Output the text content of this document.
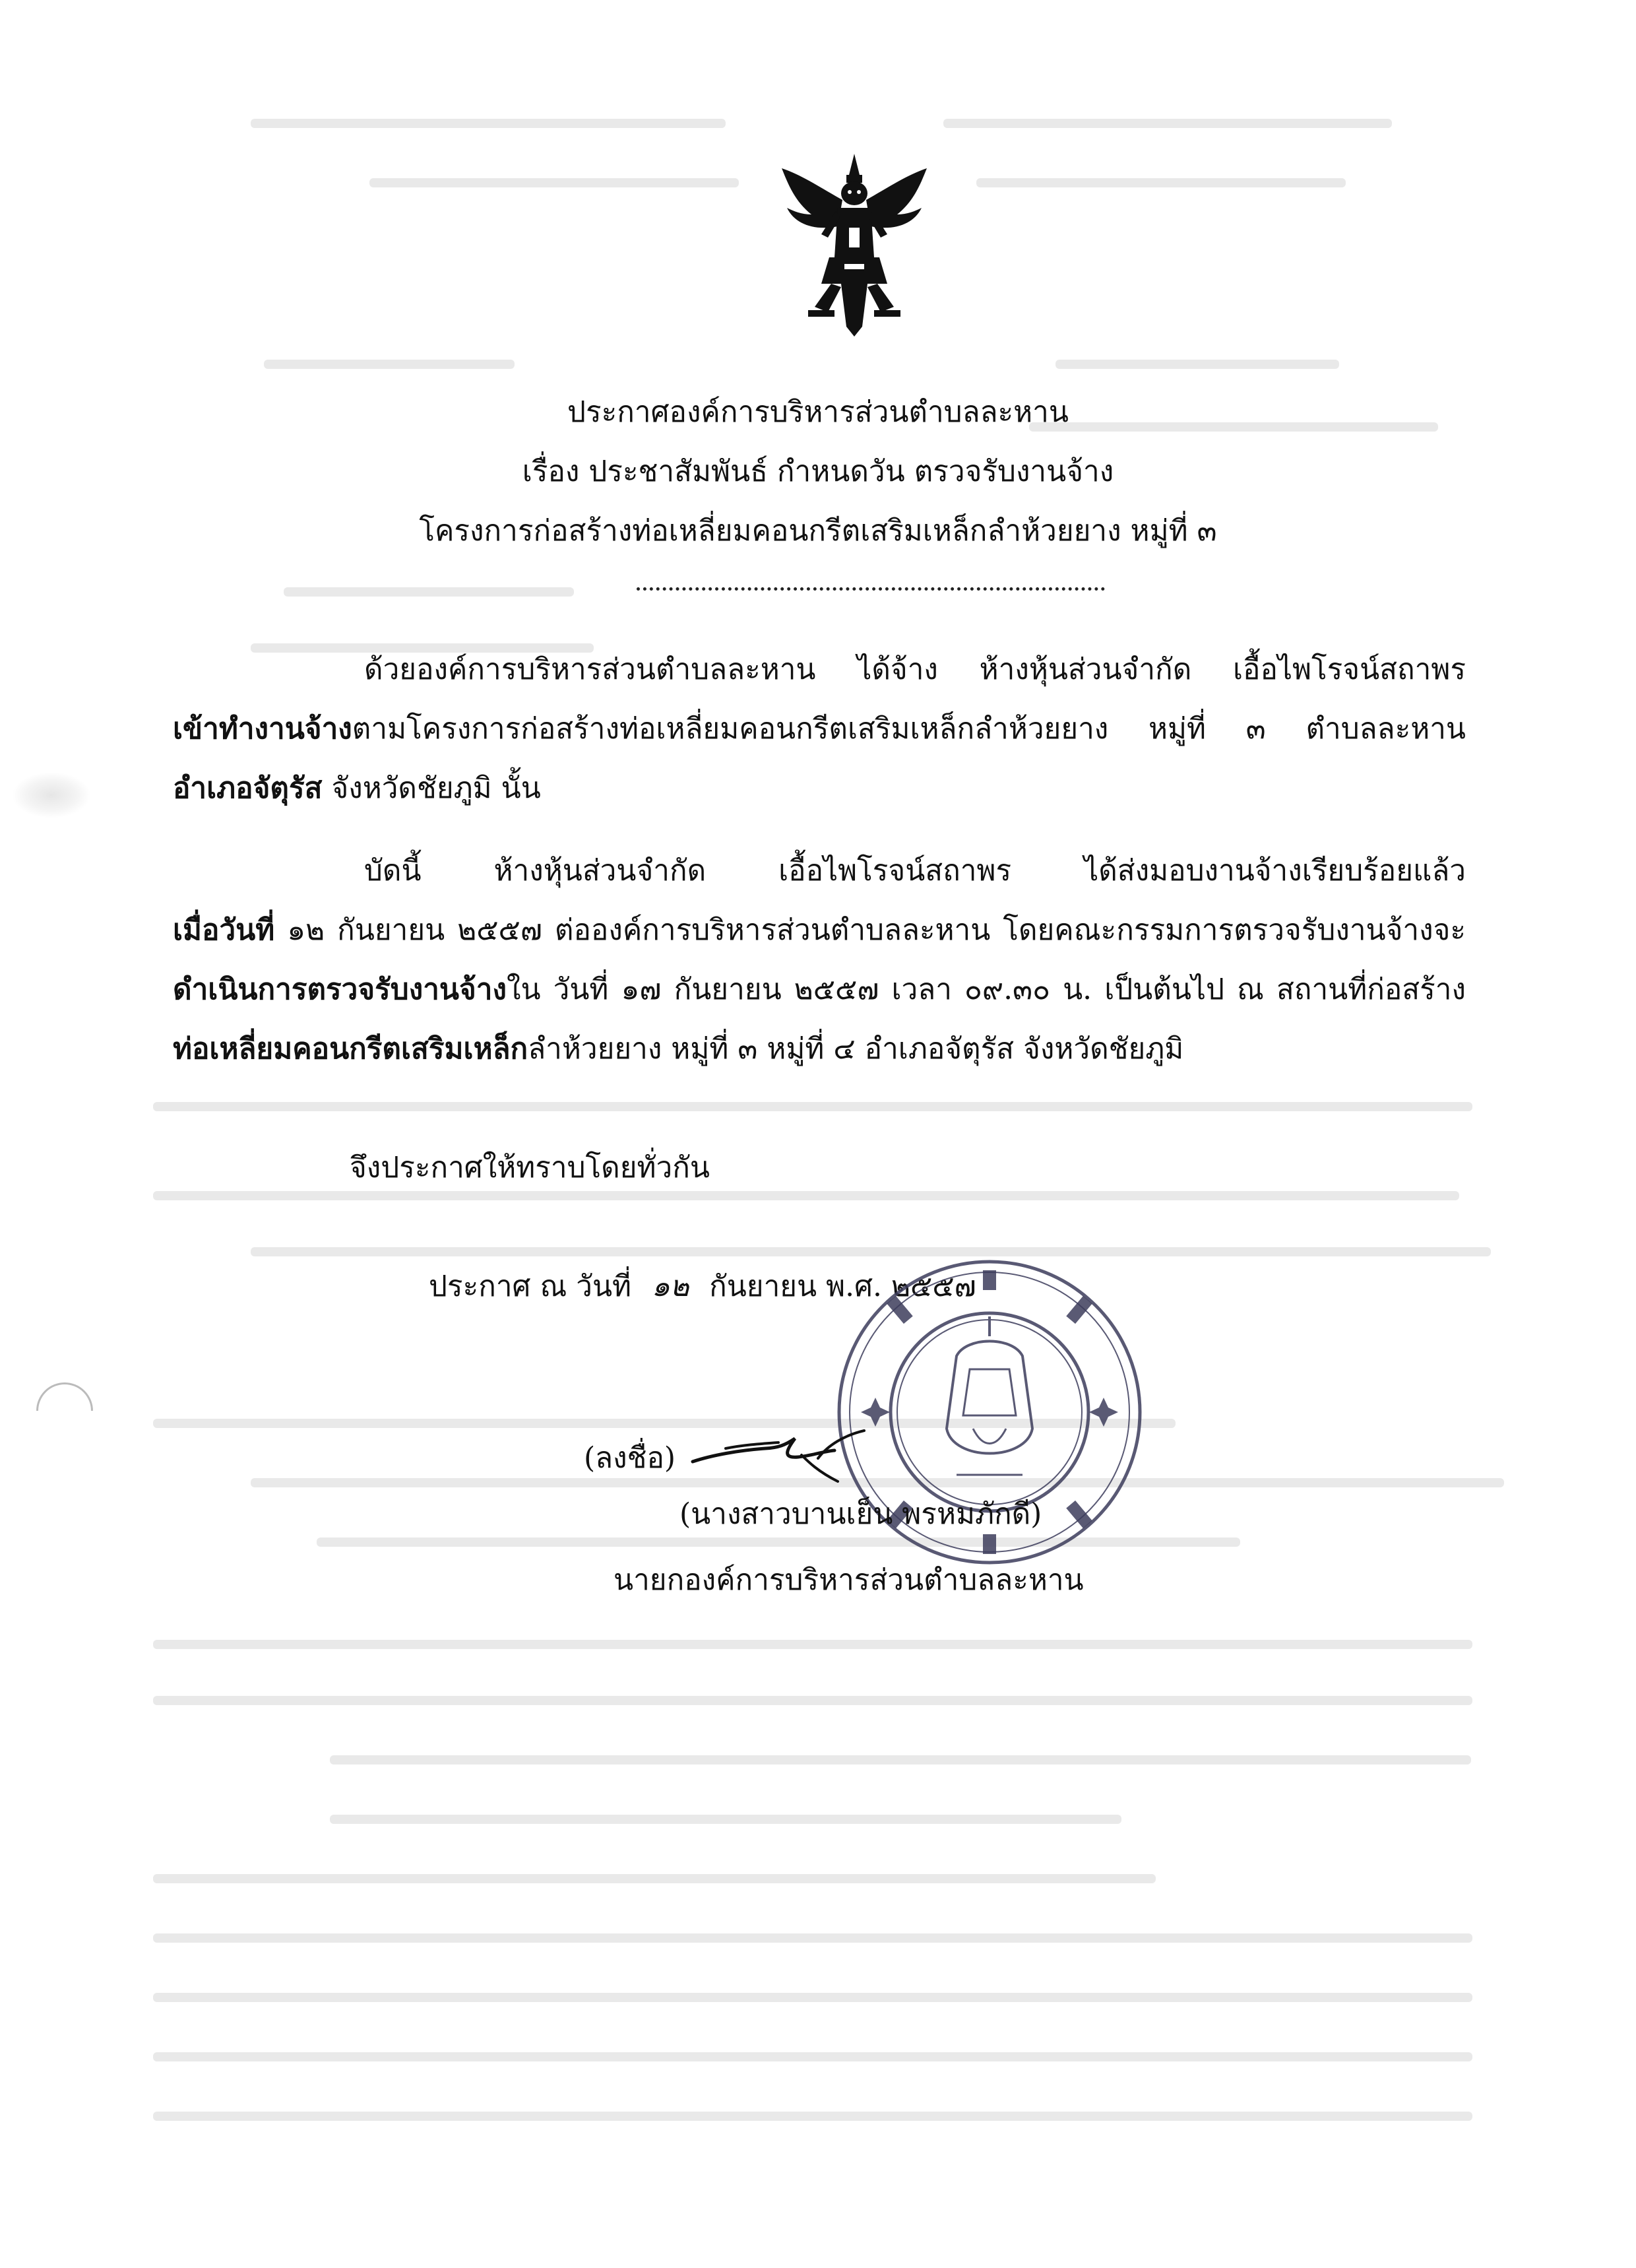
ประกาศองค์การบริหารส่วนตำบลละหาน
เรื่อง ประชาสัมพันธ์ กำหนดวัน ตรวจรับงานจ้าง
โครงการก่อสร้างท่อเหลี่ยมคอนกรีตเสริมเหล็กลำห้วยยาง หมู่ที่ ๓
ด้วยองค์การบริหารส่วนตำบลละหาน ได้จ้าง ห้างหุ้นส่วนจำกัด เอื้อไพโรจน์สถาพร
เข้าทำงานจ้างตามโครงการก่อสร้างท่อเหลี่ยมคอนกรีตเสริมเหล็กลำห้วยยาง หมู่ที่ ๓ ตำบลละหาน
อำเภอจัตุรัส จังหวัดชัยภูมิ นั้น
บัดนี้ ห้างหุ้นส่วนจำกัด เอื้อไพโรจน์สถาพร ได้ส่งมอบงานจ้างเรียบร้อยแล้ว
เมื่อวันที่ ๑๒ กันยายน ๒๕๕๗ ต่อองค์การบริหารส่วนตำบลละหาน โดยคณะกรรมการตรวจรับงานจ้างจะ
ดำเนินการตรวจรับงานจ้างใน วันที่ ๑๗ กันยายน ๒๕๕๗ เวลา ๐๙.๓๐ น. เป็นต้นไป ณ สถานที่ก่อสร้าง
ท่อเหลี่ยมคอนกรีตเสริมเหล็กลำห้วยยาง หมู่ที่ ๓ หมู่ที่ ๔ อำเภอจัตุรัส จังหวัดชัยภูมิ
จึงประกาศให้ทราบโดยทั่วกัน
ประกาศ ณ วันที่ ๑๒ กันยายน พ.ศ. ๒๕๕๗
(ลงชื่อ)
(นางสาวบานเย็น พรหมภักดี)
นายกองค์การบริหารส่วนตำบลละหาน
